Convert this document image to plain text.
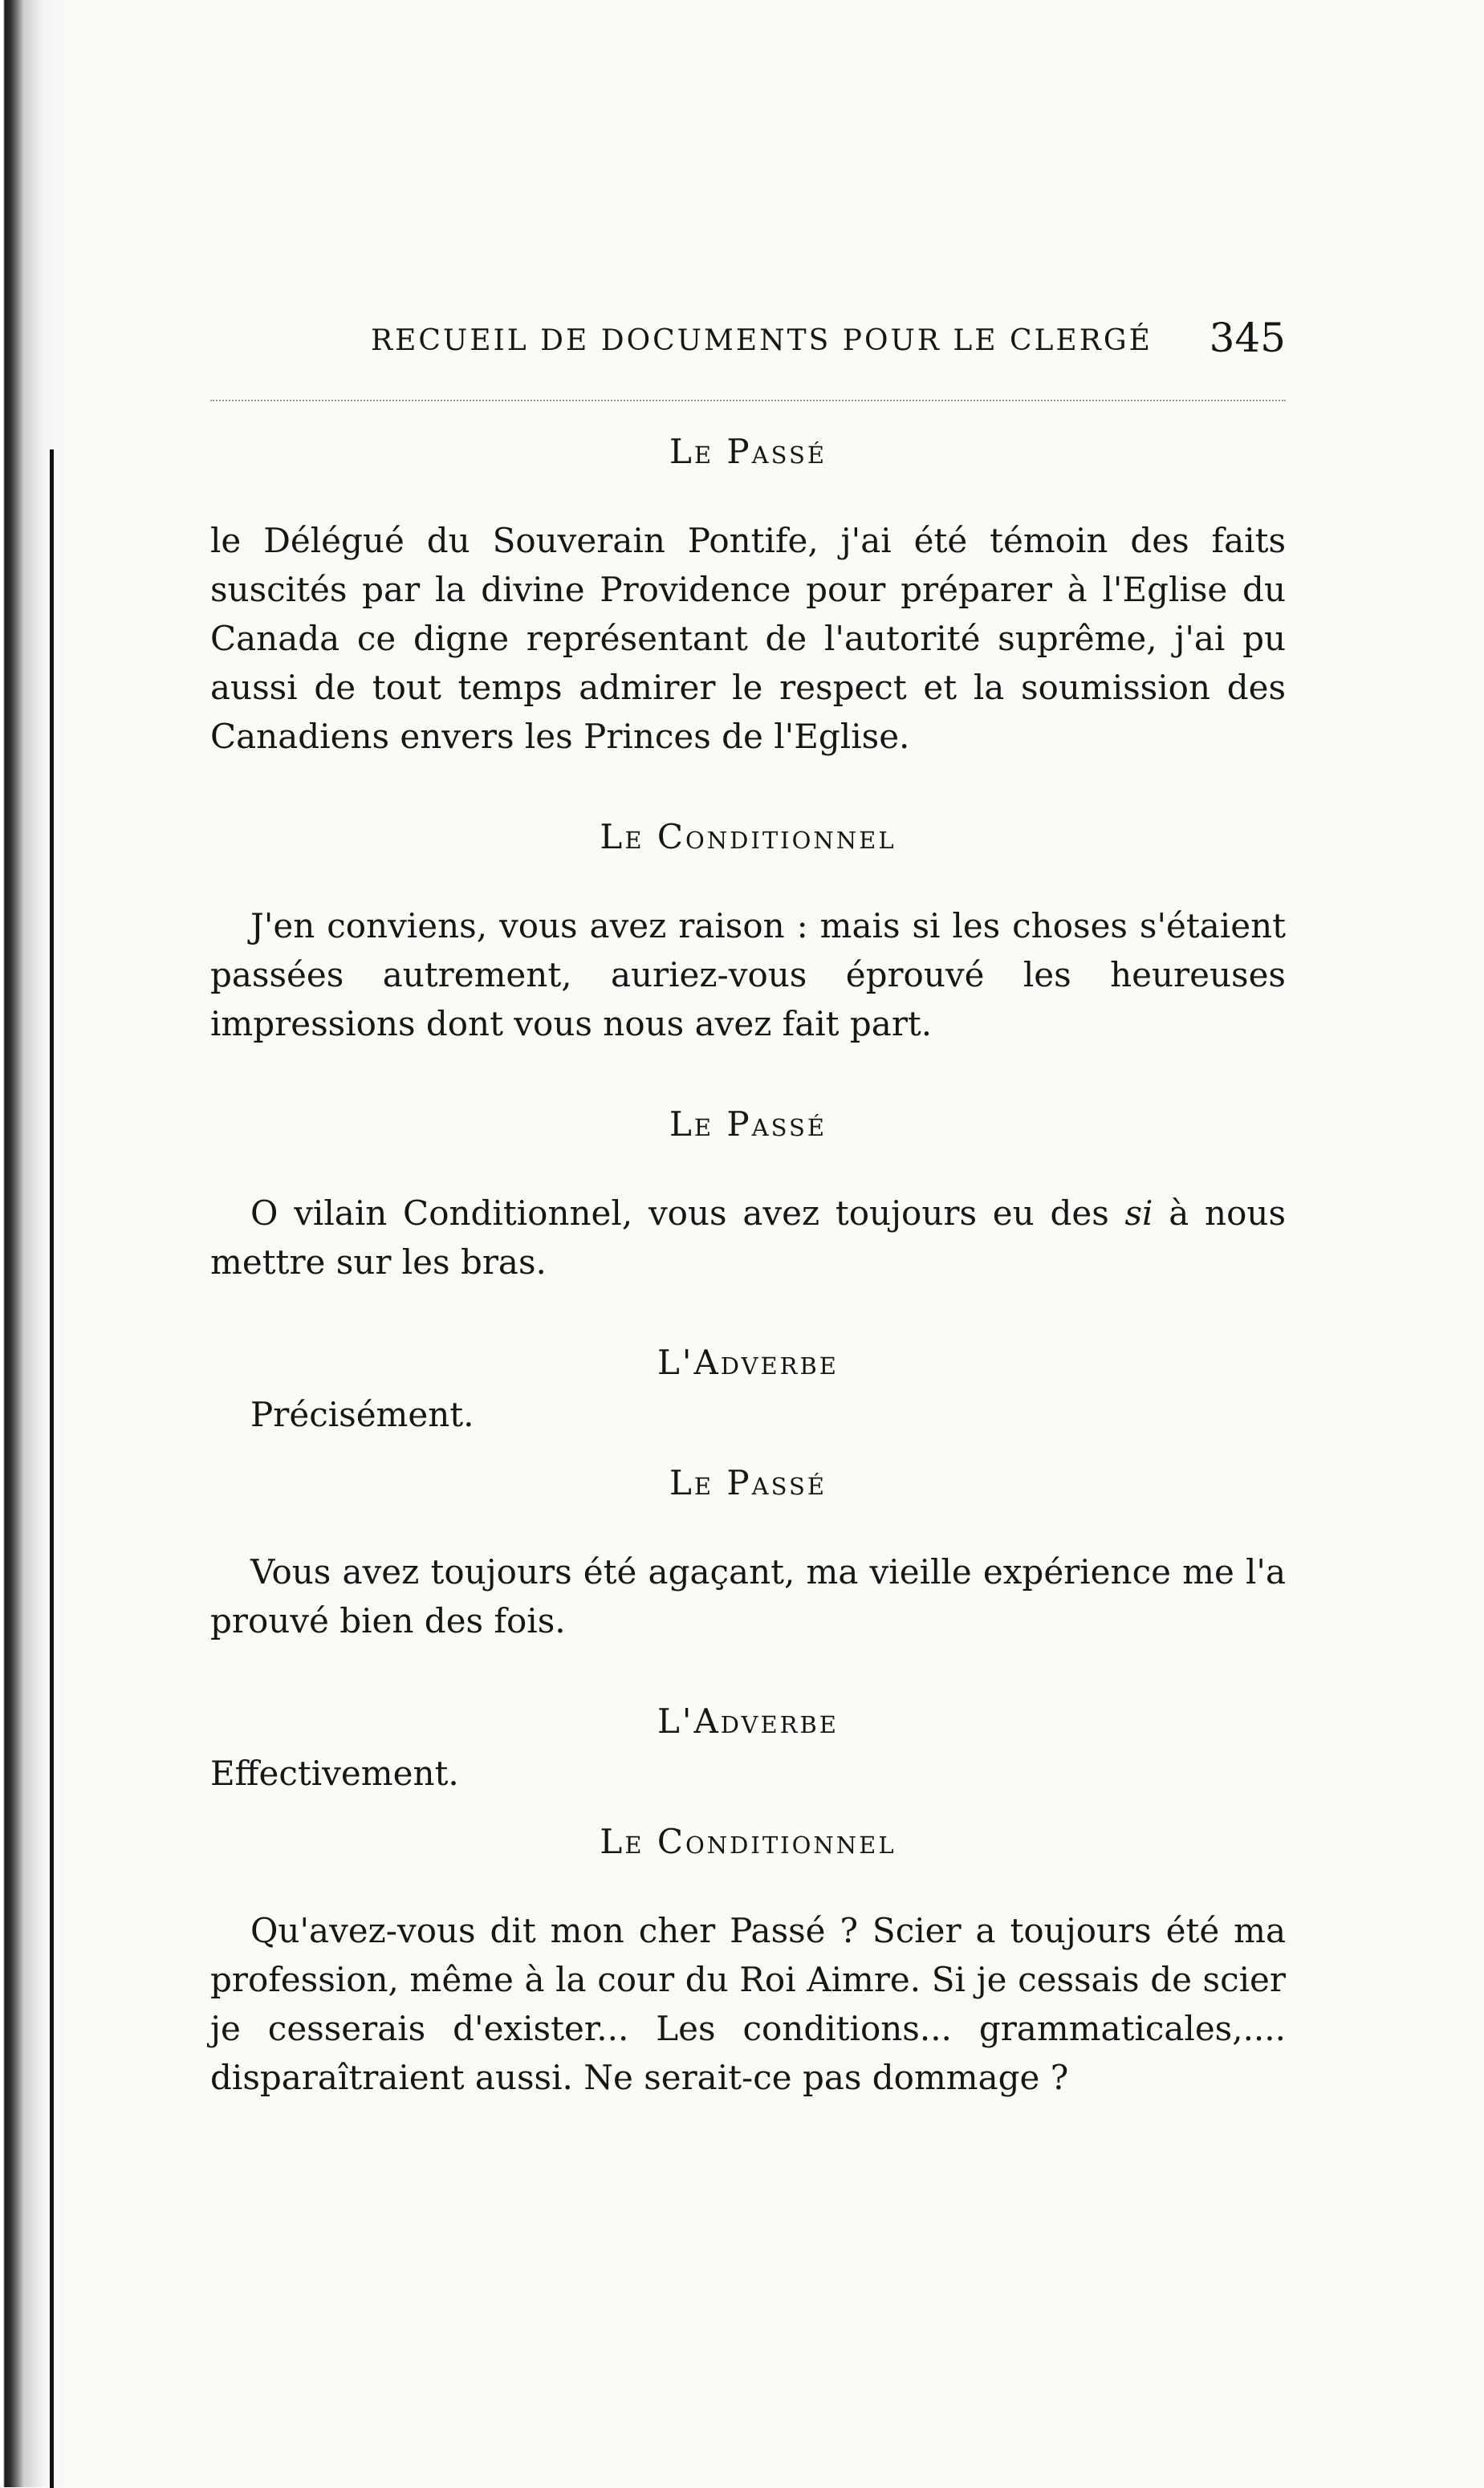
RECUEIL DE DOCUMENTS POUR LE CLERGÉ 345
Le Passé

le Délégué du Souverain Pontife, j'ai été témoin des faits suscités par la divine Providence pour préparer à l'Eglise du Canada ce digne représentant de l'autorité suprême, j'ai pu aussi de tout temps admirer le respect et la soumission des Canadiens envers les Princes de l'Eglise.

Le Conditionnel

J'en conviens, vous avez raison : mais si les choses s'étaient passées autrement, auriez-vous éprouvé les heureuses impressions dont vous nous avez fait part.

Le Passé

O vilain Conditionnel, vous avez toujours eu des si à nous mettre sur les bras.

L'Adverbe

Précisément.

Le Passé

Vous avez toujours été agaçant, ma vieille expérience me l'a prouvé bien des fois.

L'Adverbe

Effectivement.

Le Conditionnel

Qu'avez-vous dit mon cher Passé ? Scier a toujours été ma profession, même à la cour du Roi Aimre. Si je cessais de scier je cesserais d'exister... Les conditions... grammaticales,.... disparaîtraient aussi. Ne serait-ce pas dommage ?
